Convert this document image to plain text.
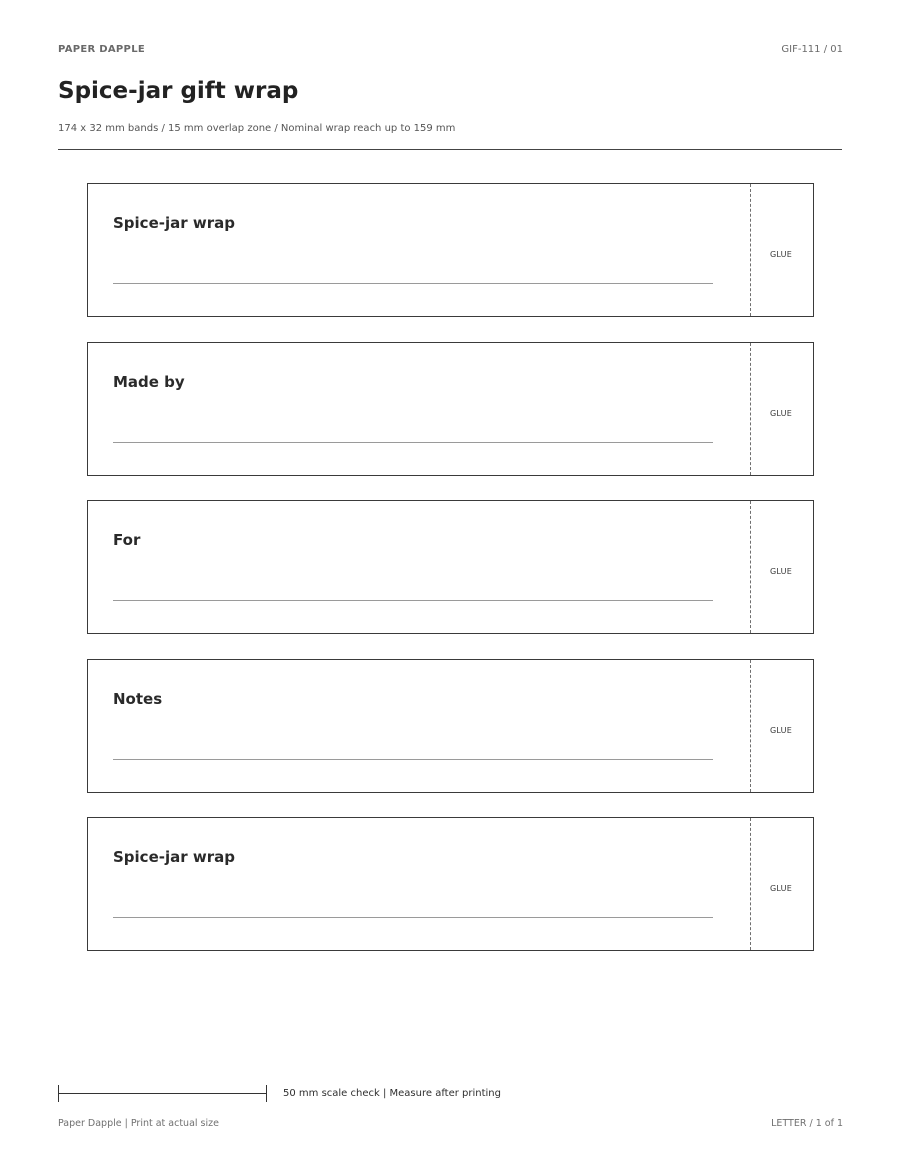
PAPER DAPPLE	GIF-111 / 01
Spice-jar gift wrap
174 x 32 mm bands / 15 mm overlap zone / Nominal wrap reach up to 159 mm
Spice-jar wrap
GLUE
Made by
GLUE
For
GLUE
Notes
GLUE
Spice-jar wrap
GLUE
50 mm scale check | Measure after printing
Paper Dapple | Print at actual size	LETTER / 1 of 1
